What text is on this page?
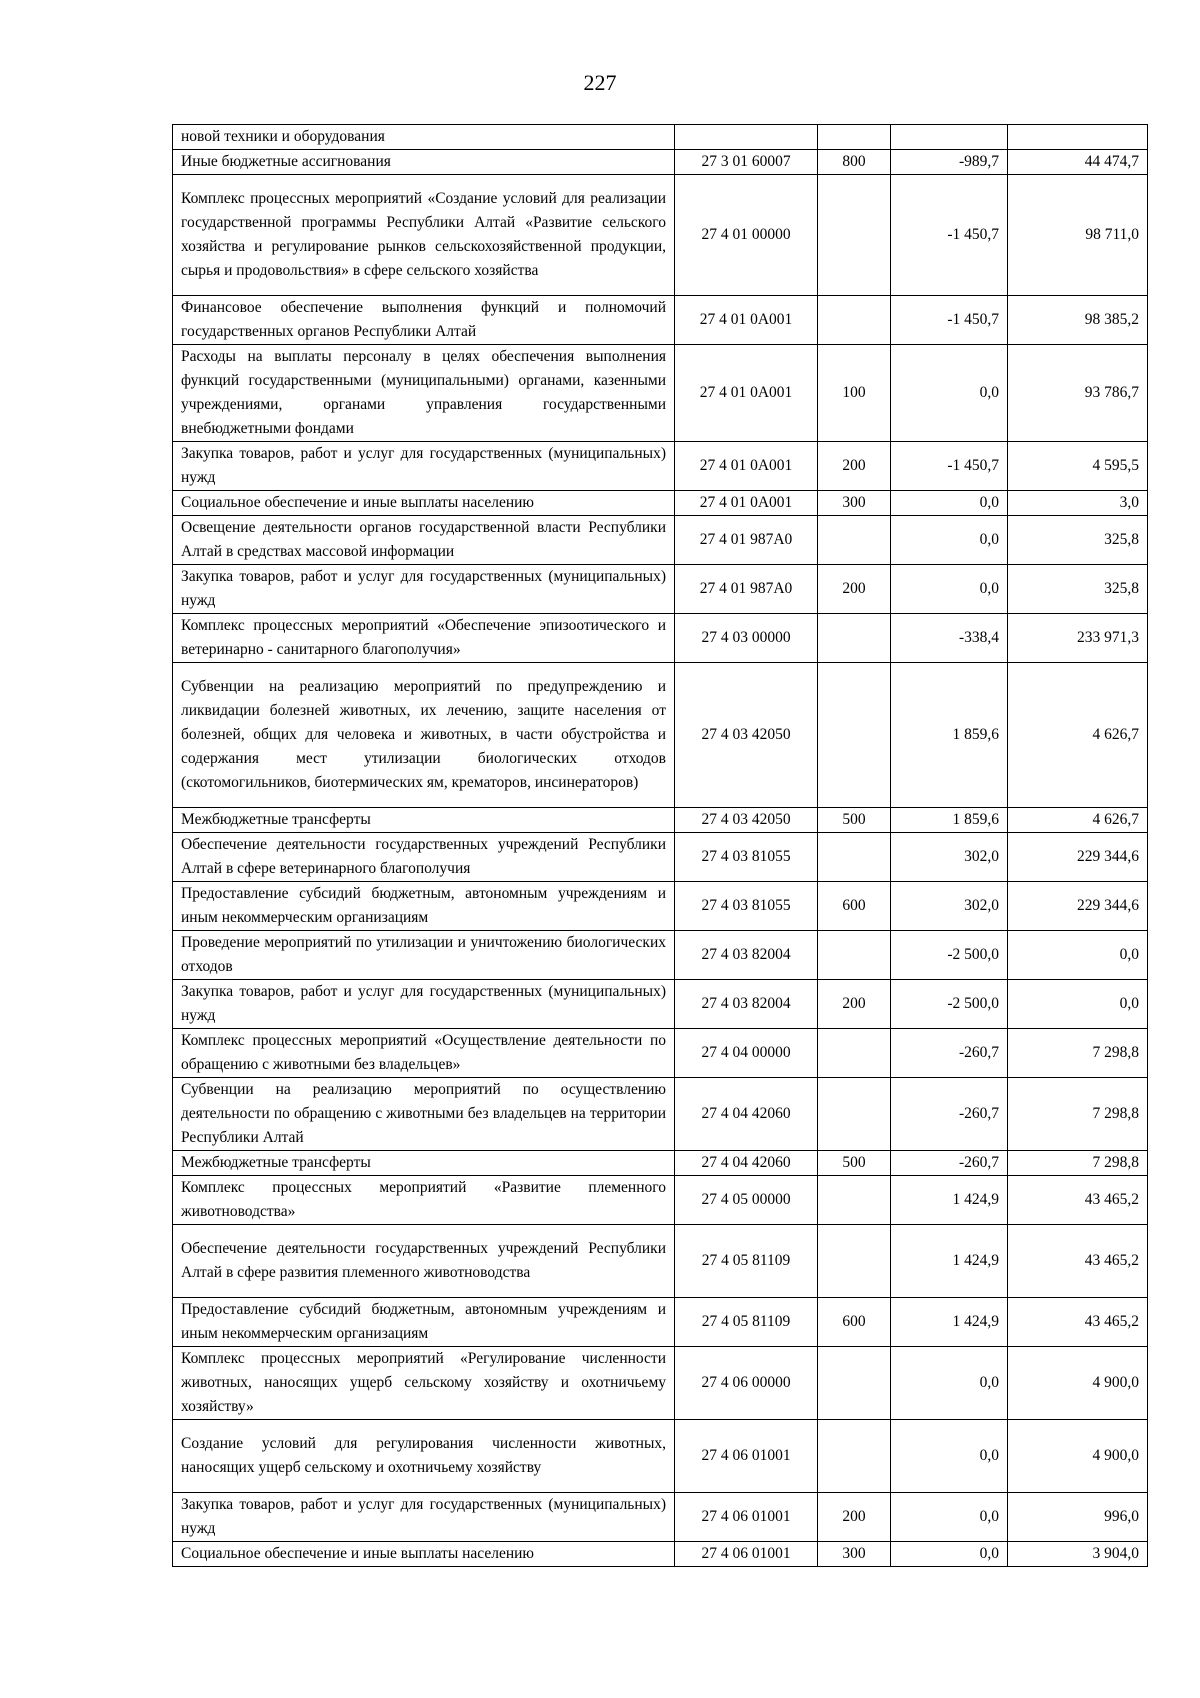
227
новой техники и оборудования				
Иные бюджетные ассигнования	27 3 01 60007	800	-989,7	44 474,7
Комплекс процессных мероприятий «Создание условий для реализации государственной программы Республики Алтай «Развитие сельского хозяйства и регулирование рынков сельскохозяйственной продукции, сырья и продовольствия» в сфере сельского хозяйства	27 4 01 00000		-1 450,7	98 711,0
Финансовое обеспечение выполнения функций и полномочий государственных органов Республики Алтай	27 4 01 0А001		-1 450,7	98 385,2
Расходы на выплаты персоналу в целях обеспечения выполнения функций государственными (муниципальными) органами, казенными учреждениями, органами управления государственными внебюджетными фондами	27 4 01 0А001	100	0,0	93 786,7
Закупка товаров, работ и услуг для государственных (муниципальных) нужд	27 4 01 0А001	200	-1 450,7	4 595,5
Социальное обеспечение и иные выплаты населению	27 4 01 0А001	300	0,0	3,0
Освещение деятельности органов государственной власти Республики Алтай в средствах массовой информации	27 4 01 987А0		0,0	325,8
Закупка товаров, работ и услуг для государственных (муниципальных) нужд	27 4 01 987А0	200	0,0	325,8
Комплекс процессных мероприятий «Обеспечение эпизоотического и ветеринарно - санитарного благополучия»	27 4 03 00000		-338,4	233 971,3
Субвенции на реализацию мероприятий по предупреждению и ликвидации болезней животных, их лечению, защите населения от болезней, общих для человека и животных, в части обустройства и содержания мест утилизации биологических отходов (скотомогильников, биотермических ям, крематоров, инсинераторов)	27 4 03 42050		1 859,6	4 626,7
Межбюджетные трансферты	27 4 03 42050	500	1 859,6	4 626,7
Обеспечение деятельности государственных учреждений Республики Алтай в сфере ветеринарного благополучия	27 4 03 81055		302,0	229 344,6
Предоставление субсидий бюджетным, автономным учреждениям и иным некоммерческим организациям	27 4 03 81055	600	302,0	229 344,6
Проведение мероприятий по утилизации и уничтожению биологических отходов	27 4 03 82004		-2 500,0	0,0
Закупка товаров, работ и услуг для государственных (муниципальных) нужд	27 4 03 82004	200	-2 500,0	0,0
Комплекс процессных мероприятий «Осуществление деятельности по обращению с животными без владельцев»	27 4 04 00000		-260,7	7 298,8
Субвенции на реализацию мероприятий по осуществлению деятельности по обращению с животными без владельцев на территории Республики Алтай	27 4 04 42060		-260,7	7 298,8
Межбюджетные трансферты	27 4 04 42060	500	-260,7	7 298,8
Комплекс процессных мероприятий «Развитие племенного животноводства»	27 4 05 00000		1 424,9	43 465,2
Обеспечение деятельности государственных учреждений Республики Алтай в сфере развития племенного животноводства	27 4 05 81109		1 424,9	43 465,2
Предоставление субсидий бюджетным, автономным учреждениям и иным некоммерческим организациям	27 4 05 81109	600	1 424,9	43 465,2
Комплекс процессных мероприятий «Регулирование численности животных, наносящих ущерб сельскому хозяйству и охотничьему хозяйству»	27 4 06 00000		0,0	4 900,0
Создание условий для регулирования численности животных, наносящих ущерб сельскому и охотничьему хозяйству	27 4 06 01001		0,0	4 900,0
Закупка товаров, работ и услуг для государственных (муниципальных) нужд	27 4 06 01001	200	0,0	996,0
Социальное обеспечение и иные выплаты населению	27 4 06 01001	300	0,0	3 904,0
